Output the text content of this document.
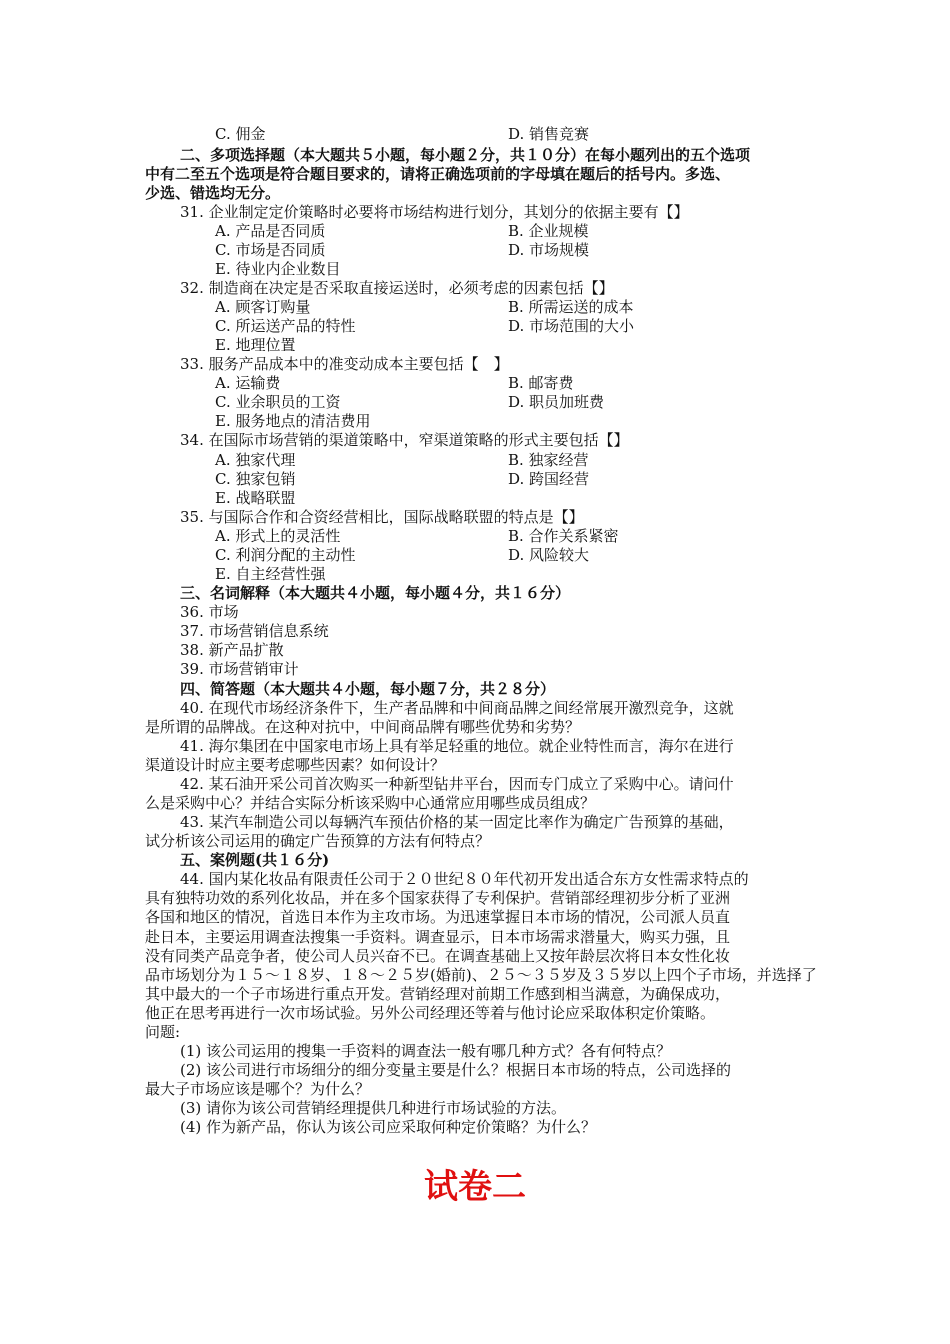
C. 佣金	D. 销售竞赛
二、多项选择题（本大题共５小题，每小题２分，共１０分）在每小题列出的五个选项
中有二至五个选项是符合题目要求的，请将正确选项前的字母填在题后的括号内。多选、
少选、错选均无分。
31. 企业制定定价策略时必要将市场结构进行划分，其划分的依据主要有【】
A. 产品是否同质	B. 企业规模
C. 市场是否同质	D. 市场规模
E. 待业内企业数目
32. 制造商在决定是否采取直接运送时，必须考虑的因素包括【】
A. 顾客订购量	B. 所需运送的成本
C. 所运送产品的特性	D. 市场范围的大小
E. 地理位置
33. 服务产品成本中的准变动成本主要包括【　】
A. 运输费	B. 邮寄费
C. 业余职员的工资	D. 职员加班费
E. 服务地点的清洁费用
34. 在国际市场营销的渠道策略中，窄渠道策略的形式主要包括【】
A. 独家代理	B. 独家经营
C. 独家包销	D. 跨国经营
E. 战略联盟
35. 与国际合作和合资经营相比，国际战略联盟的特点是【】
A. 形式上的灵活性	B. 合作关系紧密
C. 利润分配的主动性	D. 风险较大
E. 自主经营性强
三、名词解释（本大题共４小题，每小题４分，共１６分）
36. 市场
37. 市场营销信息系统
38. 新产品扩散
39. 市场营销审计
四、简答题（本大题共４小题，每小题７分，共２８分）
40. 在现代市场经济条件下，生产者品牌和中间商品牌之间经常展开激烈竞争，这就
是所谓的品牌战。在这种对抗中，中间商品牌有哪些优势和劣势？
41. 海尔集团在中国家电市场上具有举足轻重的地位。就企业特性而言，海尔在进行
渠道设计时应主要考虑哪些因素？如何设计？
42. 某石油开采公司首次购买一种新型钻井平台，因而专门成立了采购中心。请问什
么是采购中心？并结合实际分析该采购中心通常应用哪些成员组成？
43. 某汽车制造公司以每辆汽车预估价格的某一固定比率作为确定广告预算的基础，
试分析该公司运用的确定广告预算的方法有何特点？
五、案例题(共１６分)
44. 国内某化妆品有限责任公司于２０世纪８０年代初开发出适合东方女性需求特点的
具有独特功效的系列化妆品，并在多个国家获得了专利保护。营销部经理初步分析了亚洲
各国和地区的情况，首选日本作为主攻市场。为迅速掌握日本市场的情况，公司派人员直
赴日本，主要运用调查法搜集一手资料。调查显示，日本市场需求潜量大，购买力强，且
没有同类产品竞争者，使公司人员兴奋不已。在调查基础上又按年龄层次将日本女性化妆
品市场划分为１５～１８岁、１８～２５岁(婚前)、２５～３５岁及３５岁以上四个子市场，并选择了
其中最大的一个子市场进行重点开发。营销经理对前期工作感到相当满意，为确保成功，
他正在思考再进行一次市场试验。另外公司经理还等着与他讨论应采取体积定价策略。
问题:
(1) 该公司运用的搜集一手资料的调查法一般有哪几种方式？各有何特点？
(2) 该公司进行市场细分的细分变量主要是什么？根据日本市场的特点，公司选择的
最大子市场应该是哪个？为什么？
(3) 请你为该公司营销经理提供几种进行市场试验的方法。
(4) 作为新产品，你认为该公司应采取何种定价策略？为什么？
试卷二
